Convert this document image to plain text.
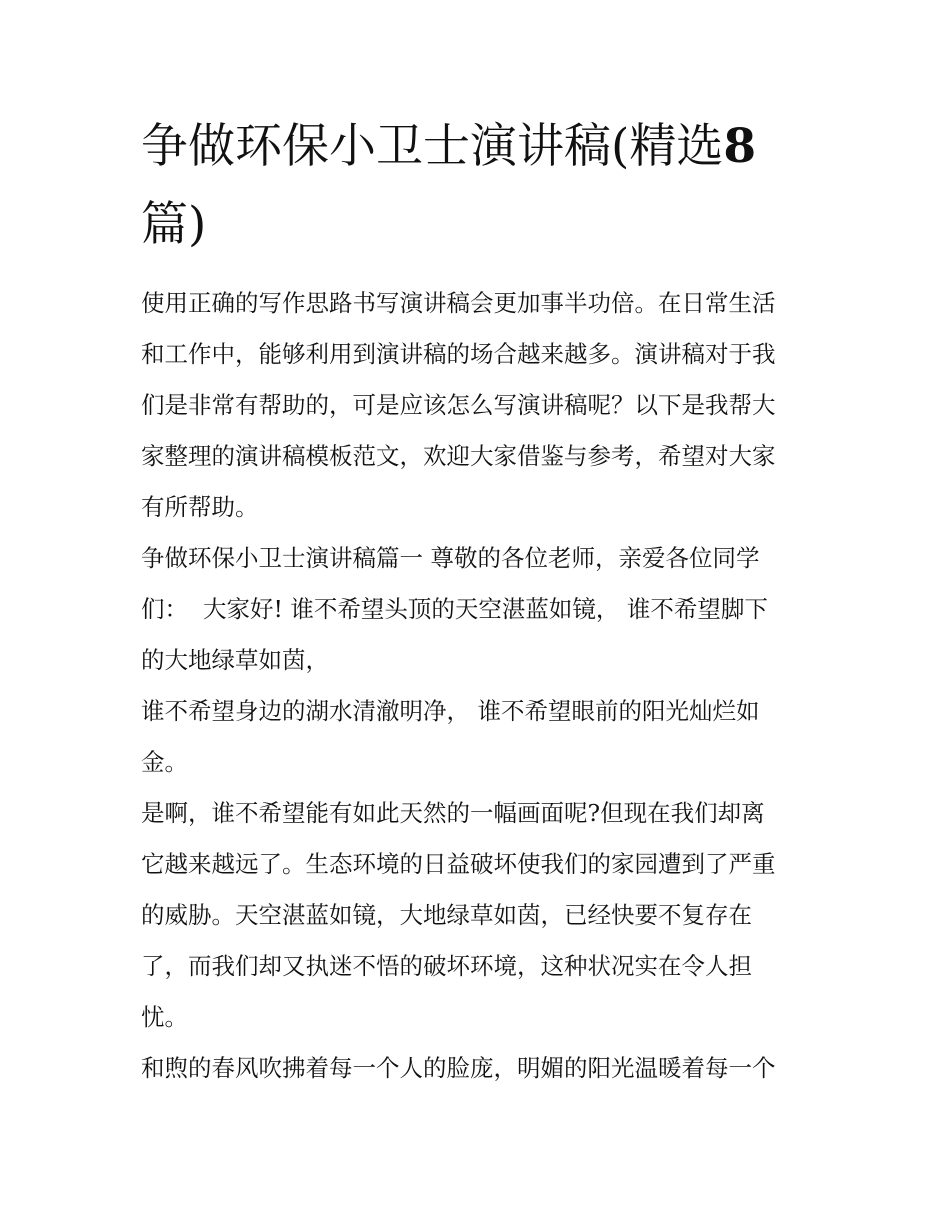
争做环保小卫士演讲稿(精选8
篇)

使用正确的写作思路书写演讲稿会更加事半功倍。在日常生活
和工作中，能够利用到演讲稿的场合越来越多。演讲稿对于我
们是非常有帮助的，可是应该怎么写演讲稿呢？以下是我帮大
家整理的演讲稿模板范文，欢迎大家借鉴与参考，希望对大家
有所帮助。

争做环保小卫士演讲稿篇一 尊敬的各位老师，亲爱各位同学
们：  大家好! 谁不希望头顶的天空湛蓝如镜， 谁不希望脚下
的大地绿草如茵，

谁不希望身边的湖水清澈明净， 谁不希望眼前的阳光灿烂如
金。

是啊，谁不希望能有如此天然的一幅画面呢?但现在我们却离
它越来越远了。生态环境的日益破坏使我们的家园遭到了严重
的威胁。天空湛蓝如镜，大地绿草如茵，已经快要不复存在
了，而我们却又执迷不悟的破坏环境，这种状况实在令人担
忧。

和煦的春风吹拂着每一个人的脸庞，明媚的阳光温暖着每一个
